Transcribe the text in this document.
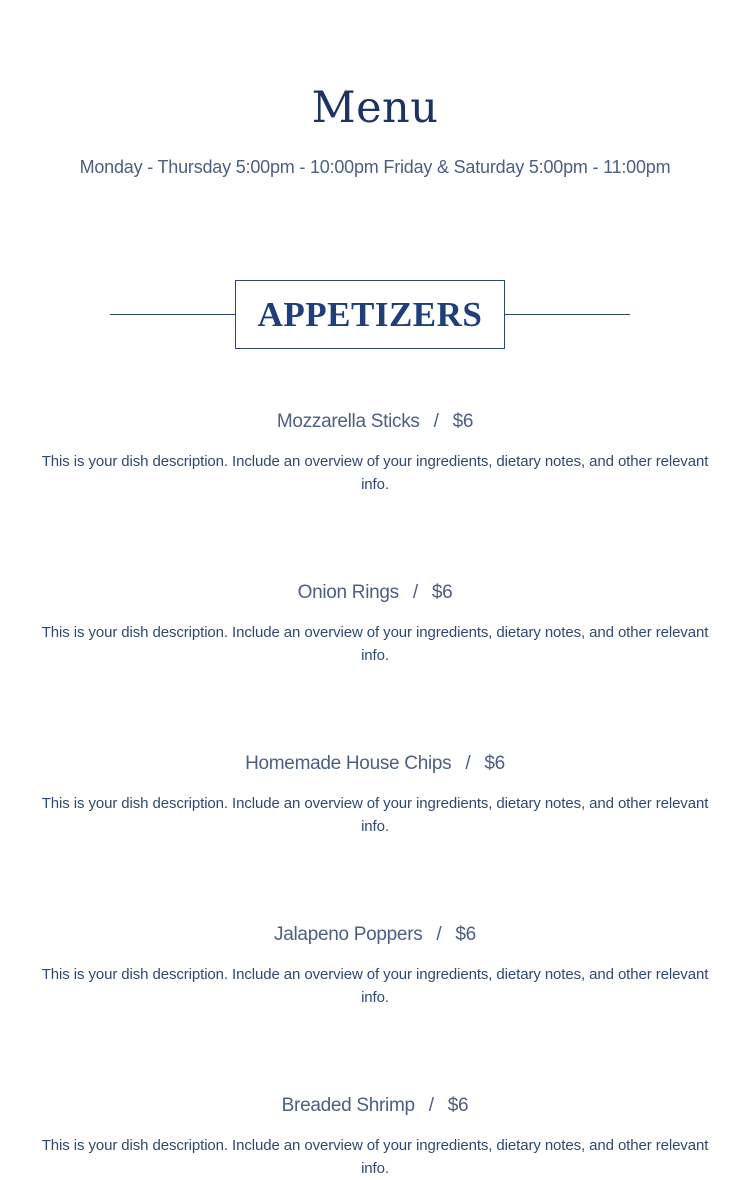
Menu
Monday - Thursday 5:00pm - 10:00pm Friday & Saturday 5:00pm - 11:00pm
APPETIZERS
Mozzarella Sticks / $6
This is your dish description. Include an overview of your ingredients, dietary notes, and other relevant info.
Onion Rings / $6
This is your dish description. Include an overview of your ingredients, dietary notes, and other relevant info.
Homemade House Chips / $6
This is your dish description. Include an overview of your ingredients, dietary notes, and other relevant info.
Jalapeno Poppers / $6
This is your dish description. Include an overview of your ingredients, dietary notes, and other relevant info.
Breaded Shrimp / $6
This is your dish description. Include an overview of your ingredients, dietary notes, and other relevant info.
